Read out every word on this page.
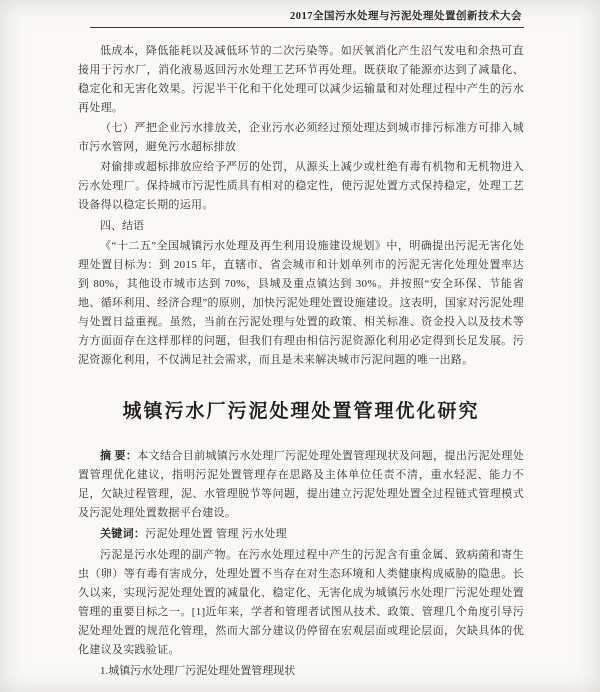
2017全国污水处理与污泥处理处置创新技术大会

低成本，降低能耗以及减低环节的二次污染等。如厌氧消化产生沼气发电和余热可直接用于污水厂，消化液易返回污水处理工艺环节再处理。既获取了能源亦达到了减量化、稳定化和无害化效果。污泥半干化和干化处理可以减少运输量和对处理过程中产生的污水再处理。

（七）严把企业污水排放关，企业污水必须经过预处理达到城市排污标准方可排入城市污水管网，避免污水超标排放

对偷排或超标排放应给予严厉的处罚，从源头上减少或杜绝有毒有机物和无机物进入污水处理厂。保持城市污泥性质具有相对的稳定性，使污泥处置方式保持稳定，处理工艺设备得以稳定长期的运用。

四、结语

《“十二五”全国城镇污水处理及再生利用设施建设规划》中，明确提出污泥无害化处理处置目标为：到 2015 年，直辖市、省会城市和计划单列市的污泥无害化处理处置率达到 80%，其他设市城市达到 70%，县城及重点镇达到 30%。并按照“安全环保、节能省地、循环利用、经济合理”的原则，加快污泥处理处置设施建设。这表明，国家对污泥处理与处置日益重视。虽然，当前在污泥处理与处置的政策、相关标准、资金投入以及技术等方方面面存在这样那样的问题，但我们有理由相信污泥资源化利用必定得到长足发展。污泥资源化利用，不仅满足社会需求，而且是未来解决城市污泥问题的唯一出路。

城镇污水厂污泥处理处置管理优化研究

摘 要：本文结合目前城镇污水处理厂污泥处理处置管理现状及问题，提出污泥处理处置管理优化建议，指明污泥处置管理存在思路及主体单位任责不清，重水轻泥、能力不足，欠缺过程管理，泥、水管理脱节等问题，提出建立污泥处理处置全过程链式管理模式及污泥处理处置数据平台建设。

关键词：污泥处理处置 管理 污水处理

污泥是污水处理的副产物。在污水处理过程中产生的污泥含有重金属、致病菌和寄生虫（卵）等有毒有害成分，处理处置不当存在对生态环境和人类健康构成威胁的隐患。长久以来，实现污泥处理处置的减量化、稳定化、无害化成为城镇污水处理厂污泥处理处置管理的重要目标之一。[1]近年来，学者和管理者试图从技术、政策、管理几个角度引导污泥处理处置的规范化管理，然而大部分建议仍停留在宏观层面或理论层面，欠缺具体的优化建议及实践验证。

1.城镇污水处理厂污泥处理处置管理现状
